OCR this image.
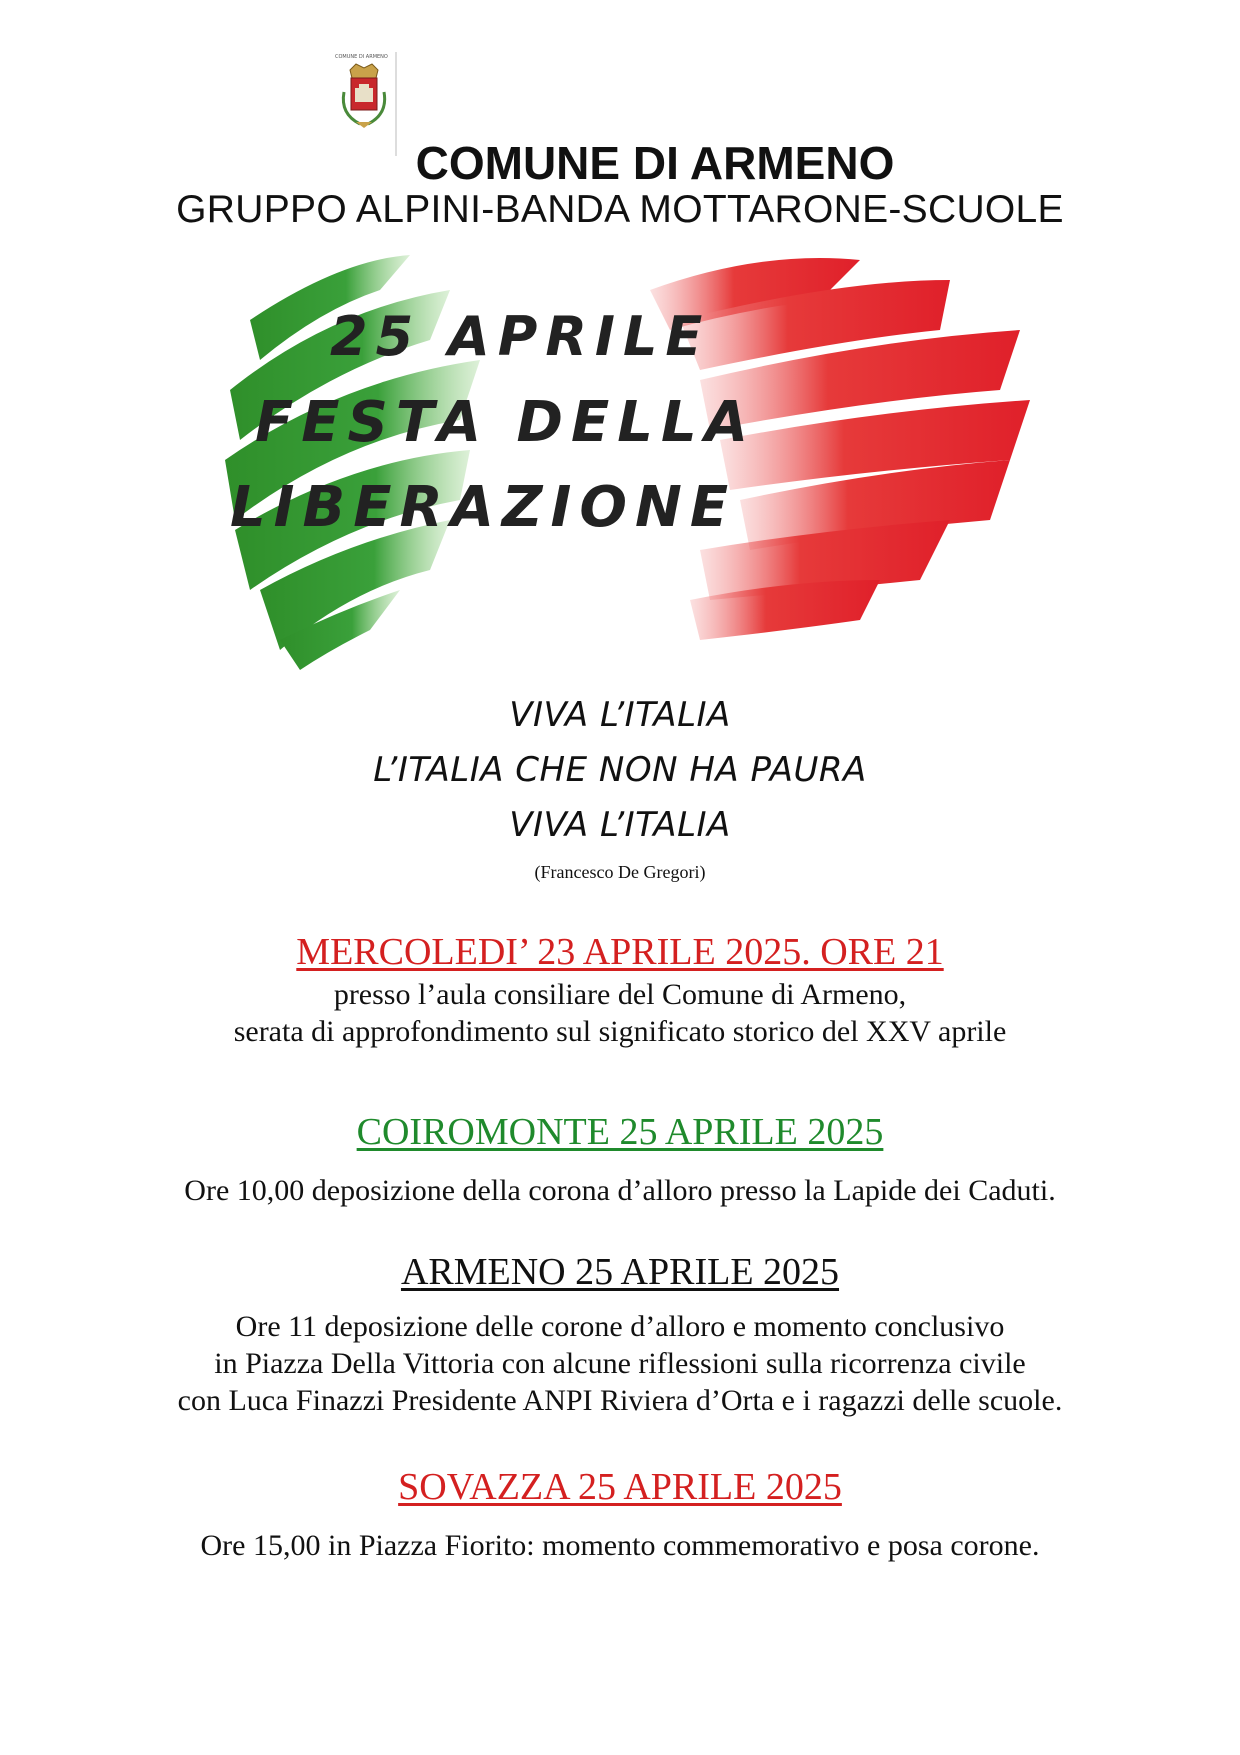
COMUNE DI ARMENO
COMUNE DI ARMENO
GRUPPO ALPINI-BANDA MOTTARONE-SCUOLE
25 APRILE
FESTA DELLA
LIBERAZIONE
VIVA L’ITALIA
L’ITALIA CHE NON HA PAURA
VIVA L’ITALIA
(Francesco De Gregori)
MERCOLEDI’ 23 APRILE 2025. ORE 21
presso l’aula consiliare del Comune di Armeno,
serata di approfondimento sul significato storico del XXV aprile
COIROMONTE 25 APRILE 2025
Ore 10,00 deposizione della corona d’alloro presso la Lapide dei Caduti.
ARMENO 25 APRILE 2025
Ore 11 deposizione delle corone d’alloro e momento conclusivo
in Piazza Della Vittoria con alcune riflessioni sulla ricorrenza civile
con Luca Finazzi Presidente ANPI Riviera d’Orta e i ragazzi delle scuole.
SOVAZZA 25 APRILE 2025
Ore 15,00 in Piazza Fiorito: momento commemorativo e posa corone.
